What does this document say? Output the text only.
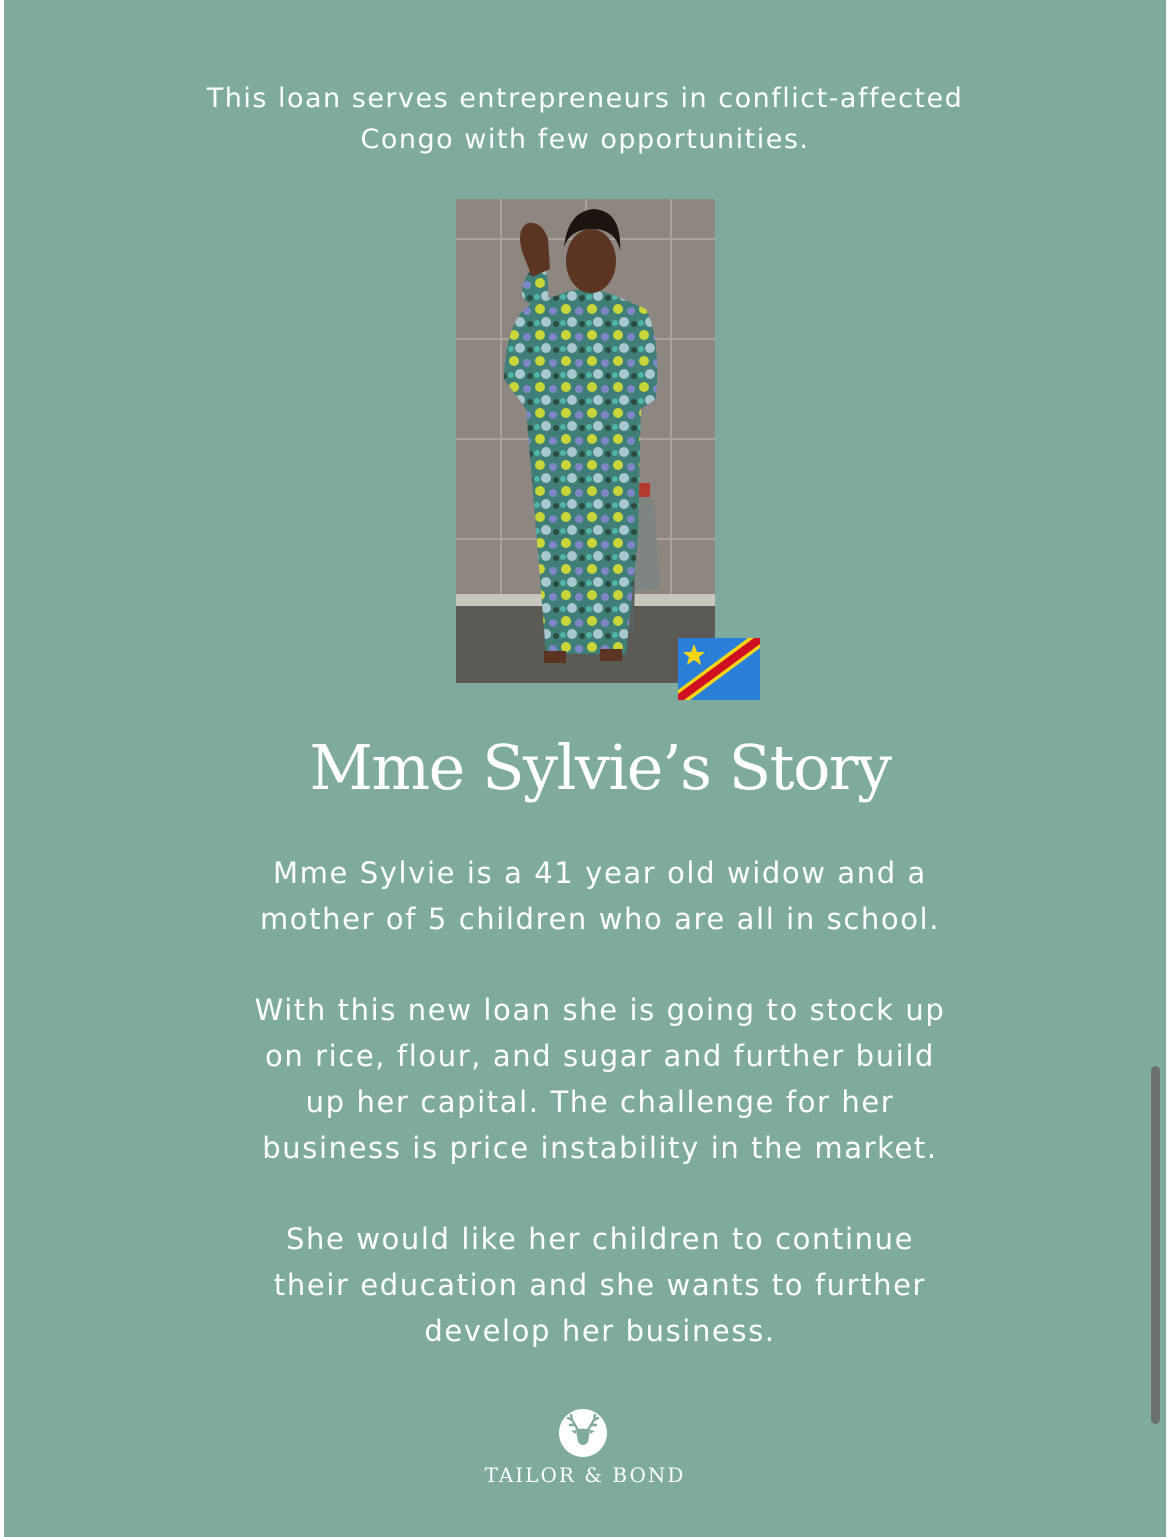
This loan serves entrepreneurs in conflict-affected
Congo with few opportunities.
Mme Sylvie’s Story
Mme Sylvie is a 41 year old widow and a
mother of 5 children who are all in school.
With this new loan she is going to stock up
on rice, flour, and sugar and further build
up her capital. The challenge for her
business is price instability in the market.
She would like her children to continue
their education and she wants to further
develop her business.
TAILOR & BOND
